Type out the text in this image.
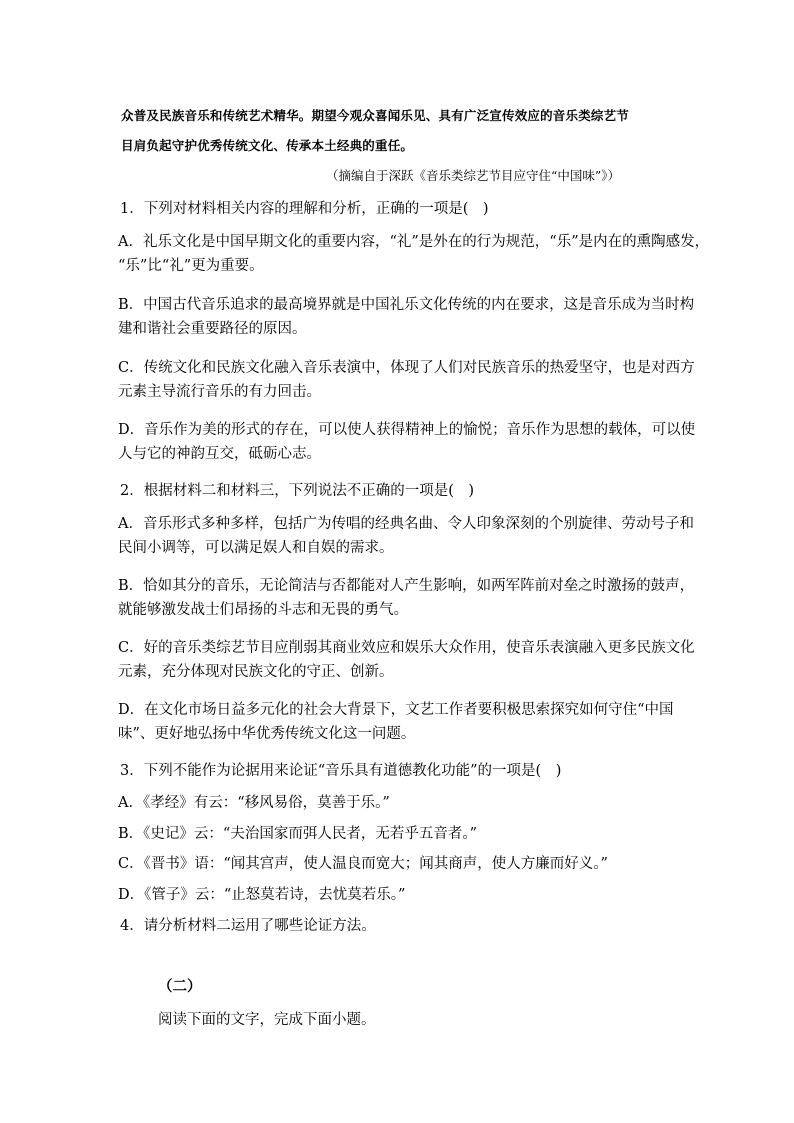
众普及民族音乐和传统艺术精华。期望今观众喜闻乐见、具有广泛宣传效应的音乐类综艺节

目肩负起守护优秀传统文化、传承本土经典的重任。

（摘编自于深跃《音乐类综艺节目应守住“中国味”》）

1．下列对材料相关内容的理解和分析，正确的一项是(　)

A．礼乐文化是中国早期文化的重要内容，“礼”是外在的行为规范，“乐”是内在的熏陶感发，

“乐”比“礼”更为重要。

B．中国古代音乐追求的最高境界就是中国礼乐文化传统的内在要求，这是音乐成为当时构

建和谐社会重要路径的原因。

C．传统文化和民族文化融入音乐表演中，体现了人们对民族音乐的热爱坚守，也是对西方

元素主导流行音乐的有力回击。

D．音乐作为美的形式的存在，可以使人获得精神上的愉悦；音乐作为思想的载体，可以使

人与它的神韵互交，砥砺心志。

2．根据材料二和材料三，下列说法不正确的一项是(　)

A．音乐形式多种多样，包括广为传唱的经典名曲、令人印象深刻的个别旋律、劳动号子和

民间小调等，可以满足娱人和自娱的需求。

B．恰如其分的音乐，无论简洁与否都能对人产生影响，如两军阵前对垒之时激扬的鼓声，

就能够激发战士们昂扬的斗志和无畏的勇气。

C．好的音乐类综艺节目应削弱其商业效应和娱乐大众作用，使音乐表演融入更多民族文化

元素，充分体现对民族文化的守正、创新。

D．在文化市场日益多元化的社会大背景下，文艺工作者要积极思索探究如何守住“中国

味”、更好地弘扬中华优秀传统文化这一问题。

3．下列不能作为论据用来论证“音乐具有道德教化功能”的一项是(　)

A．《孝经》有云：“移风易俗，莫善于乐。”

B．《史记》云：“夫治国家而弭人民者，无若乎五音者。”

C．《晋书》语：“闻其宫声，使人温良而宽大；闻其商声，使人方廉而好义。”

D．《管子》云：“止怒莫若诗，去忧莫若乐。”

4．请分析材料二运用了哪些论证方法。

（二）

阅读下面的文字，完成下面小题。
